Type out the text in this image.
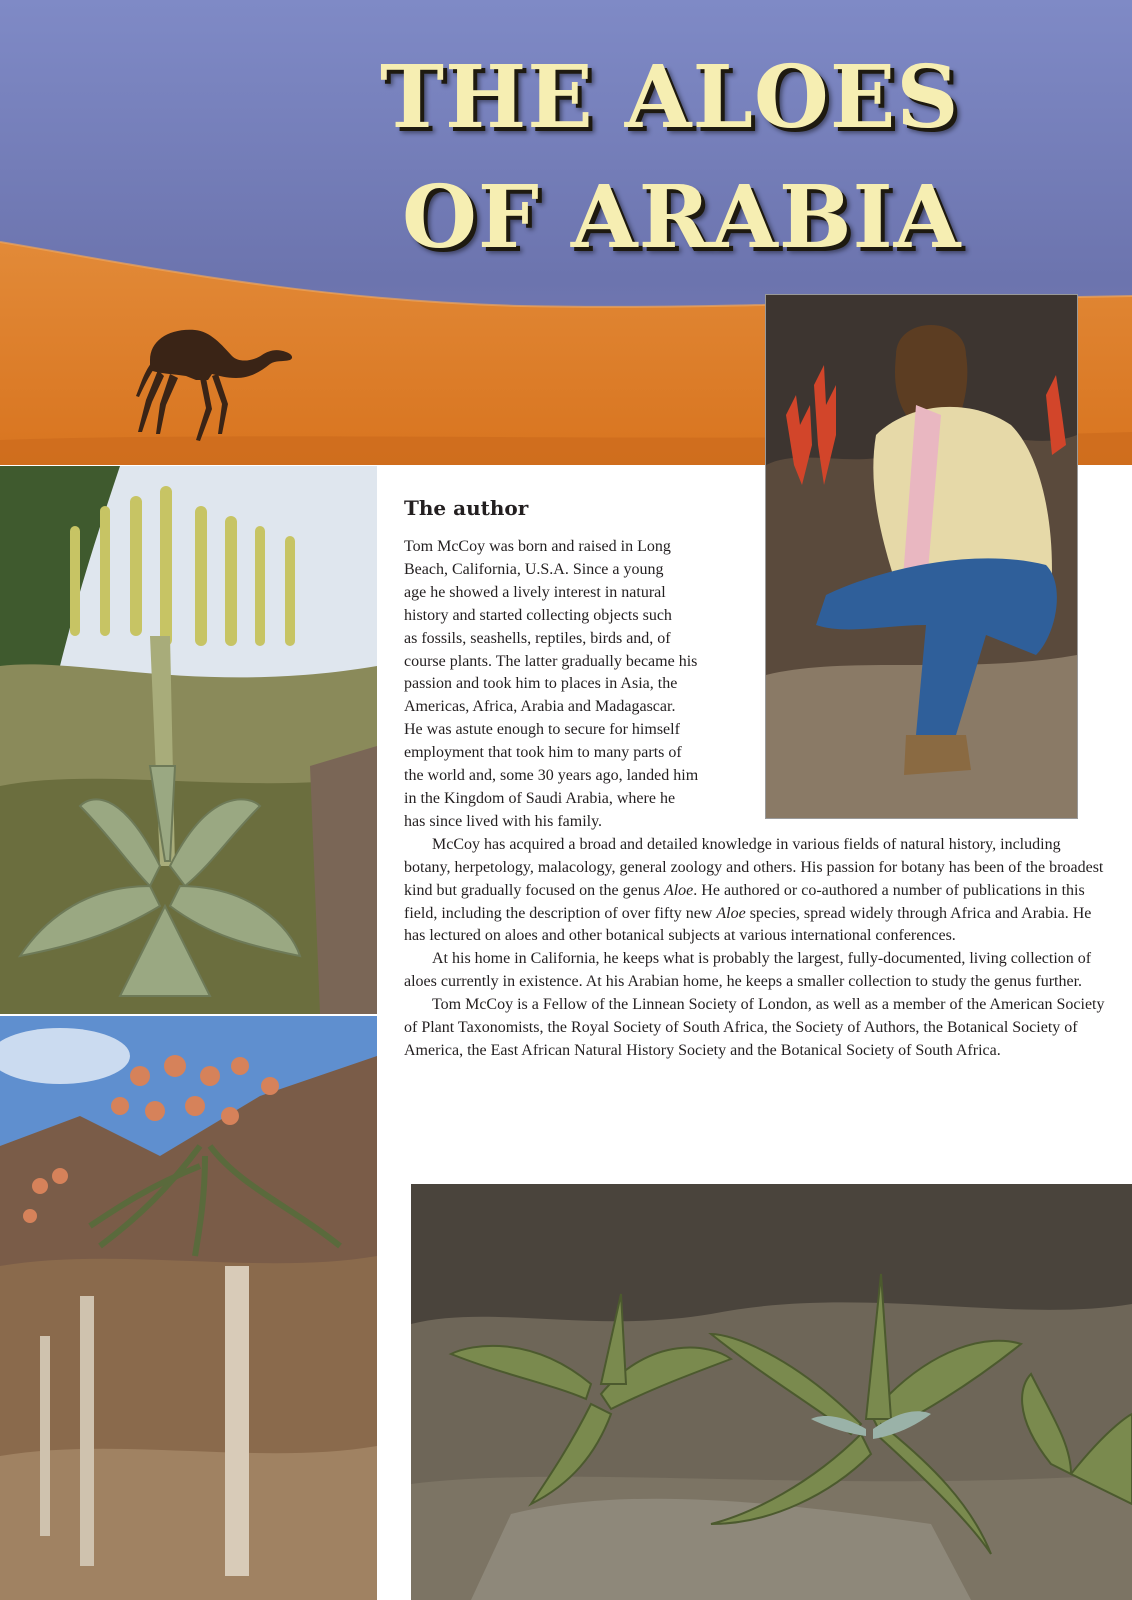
THE ALOES
OF ARABIA
The author

Tom McCoy was born and raised in Long
Beach, California, U.S.A. Since a young
age he showed a lively interest in natural
history and started collecting objects such
as fossils, seashells, reptiles, birds and, of
course plants. The latter gradually became his
passion and took him to places in Asia, the
Americas, Africa, Arabia and Madagascar.
He was astute enough to secure for himself
employment that took him to many parts of
the world and, some 30 years ago, landed him
in the Kingdom of Saudi Arabia, where he
has since lived with his family.

McCoy has acquired a broad and detailed knowledge in various fields of natural history, including botany, herpetology, malacology, general zoology and others. His passion for botany has been of the broadest kind but gradually focused on the genus Aloe. He authored or co-authored a number of publications in this field, including the description of over fifty new Aloe species, spread widely through Africa and Arabia. He has lectured on aloes and other botanical subjects at various international conferences.

At his home in California, he keeps what is probably the largest, fully-documented, living collection of aloes currently in existence. At his Arabian home, he keeps a smaller collection to study the genus further.

Tom McCoy is a Fellow of the Linnean Society of London, as well as a member of the American Society of Plant Taxonomists, the Royal Society of South Africa, the Society of Authors, the Botanical Society of America, the East African Natural History Society and the Botanical Society of South Africa.
